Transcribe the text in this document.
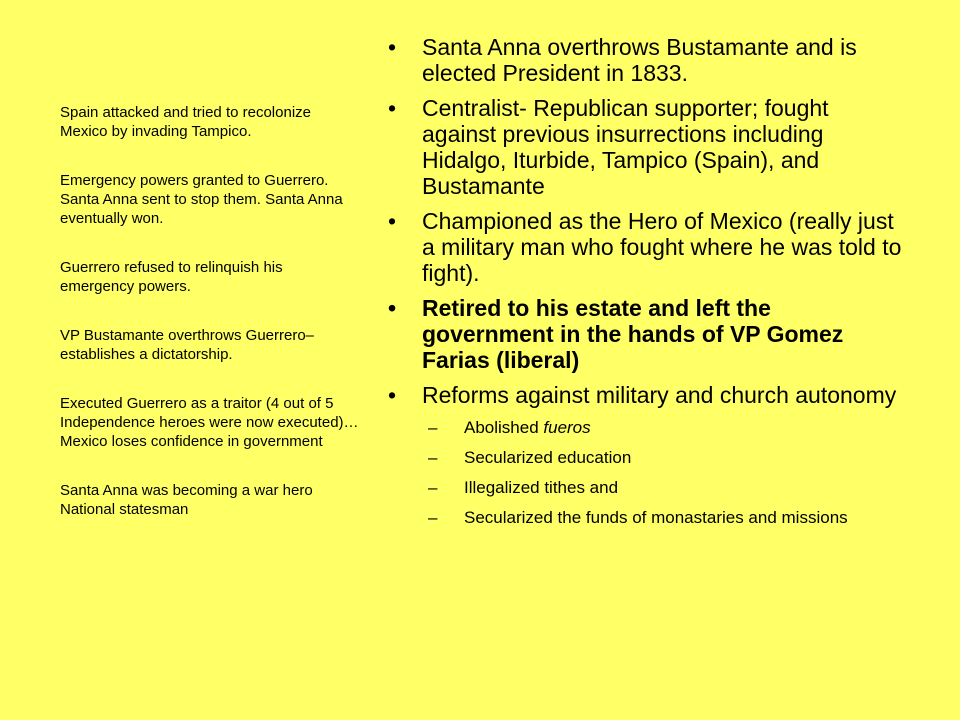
Spain attacked and tried to recolonize Mexico by invading Tampico.

Emergency powers granted to Guerrero. Santa Anna sent to stop them. Santa Anna eventually won.

Guerrero refused to relinquish his emergency powers.

VP Bustamante overthrows Guerrero– establishes a dictatorship.

Executed Guerrero as a traitor (4 out of 5 Independence heroes were now executed)… Mexico loses confidence in government

Santa Anna was becoming a war hero National statesman

• Santa Anna overthrows Bustamante and is elected President in 1833.
• Centralist- Republican supporter; fought against previous insurrections including Hidalgo, Iturbide, Tampico (Spain), and Bustamante
• Championed as the Hero of Mexico (really just a military man who fought where he was told to fight).
• Retired to his estate and left the government in the hands of VP Gomez Farias (liberal)
• Reforms against military and church autonomy
– Abolished fueros
– Secularized education
– Illegalized tithes and
– Secularized the funds of monastaries and missions
